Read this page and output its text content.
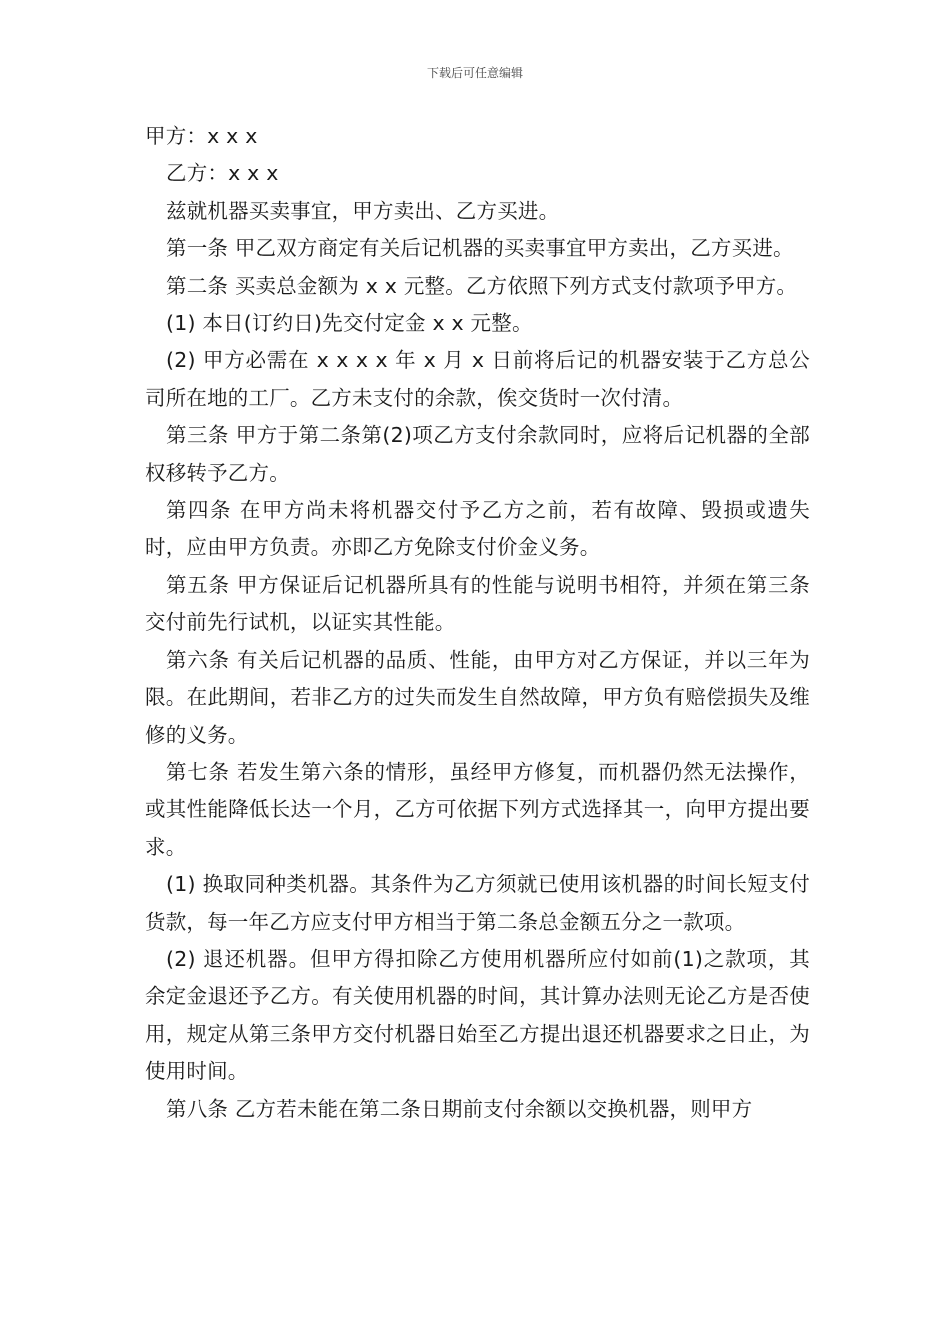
下载后可任意编辑

甲方：x x x

乙方：x x x

兹就机器买卖事宜，甲方卖出、乙方买进。

第一条 甲乙双方商定有关后记机器的买卖事宜甲方卖出，乙方买进。

第二条 买卖总金额为 x x 元整。乙方依照下列方式支付款项予甲方。

(1) 本日(订约日)先交付定金 x x 元整。

(2) 甲方必需在 x x x x 年 x 月 x 日前将后记的机器安装于乙方总公司所在地的工厂。乙方未支付的余款，俟交货时一次付清。

第三条 甲方于第二条第(2)项乙方支付余款同时，应将后记机器的全部权移转予乙方。

第四条 在甲方尚未将机器交付予乙方之前，若有故障、毁损或遗失时，应由甲方负责。亦即乙方免除支付价金义务。

第五条 甲方保证后记机器所具有的性能与说明书相符，并须在第三条交付前先行试机，以证实其性能。

第六条 有关后记机器的品质、性能，由甲方对乙方保证，并以三年为限。在此期间，若非乙方的过失而发生自然故障，甲方负有赔偿损失及维修的义务。

第七条 若发生第六条的情形，虽经甲方修复，而机器仍然无法操作，或其性能降低长达一个月，乙方可依据下列方式选择其一，向甲方提出要求。

(1) 换取同种类机器。其条件为乙方须就已使用该机器的时间长短支付货款，每一年乙方应支付甲方相当于第二条总金额五分之一款项。

(2) 退还机器。但甲方得扣除乙方使用机器所应付如前(1)之款项，其余定金退还予乙方。有关使用机器的时间，其计算办法则无论乙方是否使用，规定从第三条甲方交付机器日始至乙方提出退还机器要求之日止，为使用时间。

第八条 乙方若未能在第二条日期前支付余额以交换机器，则甲方
